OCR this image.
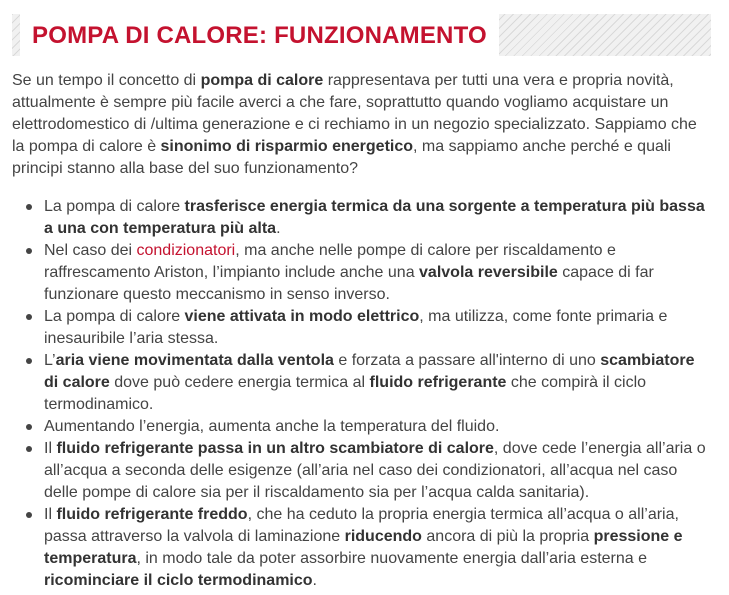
POMPA DI CALORE: FUNZIONAMENTO

Se un tempo il concetto di pompa di calore rappresentava per tutti una vera e propria novità, attualmente è sempre più facile averci a che fare, soprattutto quando vogliamo acquistare un elettrodomestico di /ultima generazione e ci rechiamo in un negozio specializzato. Sappiamo che la pompa di calore è sinonimo di risparmio energetico, ma sappiamo anche perché e quali principi stanno alla base del suo funzionamento?

La pompa di calore trasferisce energia termica da una sorgente a temperatura più bassa a una con temperatura più alta.
Nel caso dei condizionatori, ma anche nelle pompe di calore per riscaldamento e raffrescamento Ariston, l’impianto include anche una valvola reversibile capace di far funzionare questo meccanismo in senso inverso.
La pompa di calore viene attivata in modo elettrico, ma utilizza, come fonte primaria e inesauribile l’aria stessa.
L’aria viene movimentata dalla ventola e forzata a passare all'interno di uno scambiatore di calore dove può cedere energia termica al fluido refrigerante che compirà il ciclo termodinamico.
Aumentando l’energia, aumenta anche la temperatura del fluido.
Il fluido refrigerante passa in un altro scambiatore di calore, dove cede l’energia all’aria o all’acqua a seconda delle esigenze (all’aria nel caso dei condizionatori, all’acqua nel caso delle pompe di calore sia per il riscaldamento sia per l’acqua calda sanitaria).
Il fluido refrigerante freddo, che ha ceduto la propria energia termica all’acqua o all’aria, passa attraverso la valvola di laminazione riducendo ancora di più la propria pressione e temperatura, in modo tale da poter assorbire nuovamente energia dall’aria esterna e ricominciare il ciclo termodinamico.
